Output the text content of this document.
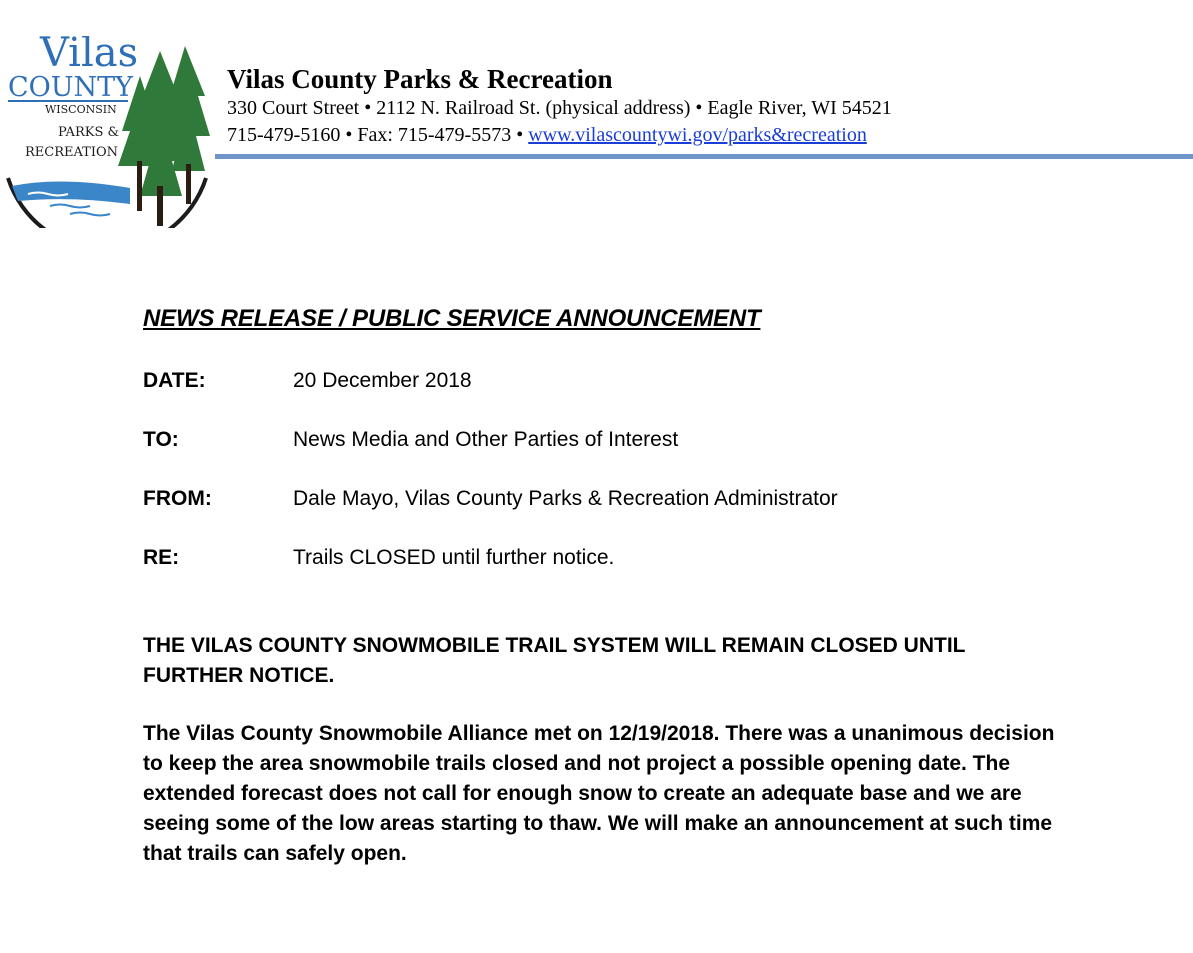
Vilas
COUNTY
WISCONSIN
PARKS &
RECREATION
Vilas County Parks & Recreation
330 Court Street • 2112 N. Railroad St. (physical address) • Eagle River, WI 54521
715-479-5160 • Fax: 715-479-5573 • www.vilascountywi.gov/parks&recreation
NEWS RELEASE / PUBLIC SERVICE ANNOUNCEMENT
DATE:	20 December 2018
TO:	News Media and Other Parties of Interest
FROM:	Dale Mayo, Vilas County Parks & Recreation Administrator
RE:	Trails CLOSED until further notice.
THE VILAS COUNTY SNOWMOBILE TRAIL SYSTEM WILL REMAIN CLOSED UNTIL FURTHER NOTICE.
The Vilas County Snowmobile Alliance met on 12/19/2018. There was a unanimous decision to keep the area snowmobile trails closed and not project a possible opening date. The extended forecast does not call for enough snow to create an adequate base and we are seeing some of the low areas starting to thaw. We will make an announcement at such time that trails can safely open.
